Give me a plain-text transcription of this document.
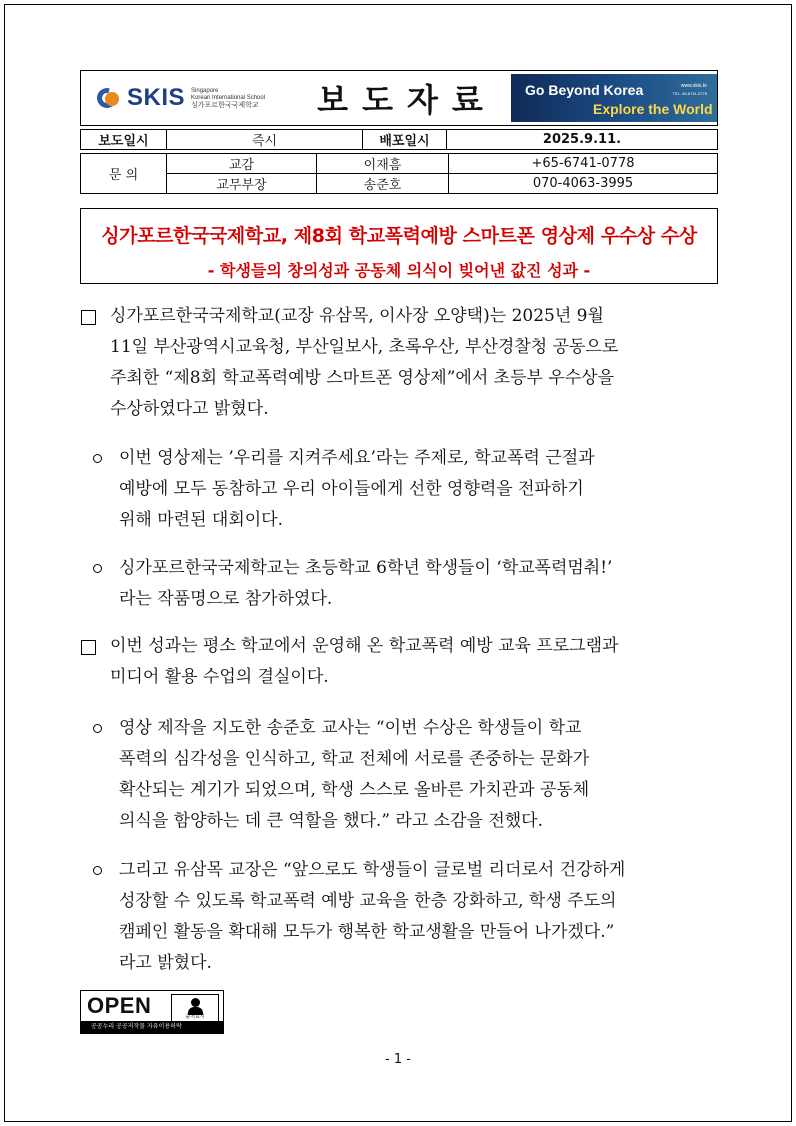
SKIS Singapore
Korean International School
싱가포르한국국제학교	보도자료 Go Beyond Korea
Explore the World
www.skis.kr
TEL. 65-6741-0778
보도일시	즉시	배포일시	2025.9.11.
문 의	교감	이재흠	+65-6741-0778
	교무부장	송준호	070-4063-3995
싱가포르한국국제학교, 제8회 학교폭력예방 스마트폰 영상제 우수상 수상
- 학생들의 창의성과 공동체 의식이 빚어낸 값진 성과 -
싱가포르한국국제학교(교장 유삼목, 이사장 오양택)는 2025년 9월
11일 부산광역시교육청, 부산일보사, 초록우산, 부산경찰청 공동으로
주최한 “제8회 학교폭력예방 스마트폰 영상제”에서 초등부 우수상을
수상하였다고 밝혔다.
이번 영상제는 ’우리를 지켜주세요’라는 주제로, 학교폭력 근절과
예방에 모두 동참하고 우리 아이들에게 선한 영향력을 전파하기
위해 마련된 대회이다.
싱가포르한국국제학교는 초등학교 6학년 학생들이 ‘학교폭력멈춰!’
라는 작품명으로 참가하였다.
이번 성과는 평소 학교에서 운영해 온 학교폭력 예방 교육 프로그램과
미디어 활용 수업의 결실이다.
영상 제작을 지도한 송준호 교사는 “이번 수상은 학생들이 학교
폭력의 심각성을 인식하고, 학교 전체에 서로를 존중하는 문화가
확산되는 계기가 되었으며, 학생 스스로 올바른 가치관과 공동체
의식을 함양하는 데 큰 역할을 했다.” 라고 소감을 전했다.
그리고 유삼목 교장은 “앞으로도 학생들이 글로벌 리더로서 건강하게
성장할 수 있도록 학교폭력 예방 교육을 한층 강화하고, 학생 주도의
캠페인 활동을 확대해 모두가 행복한 학교생활을 만들어 나가겠다.”
라고 밝혔다.
OPEN	출처표시
공공누리 공공저작물 자유이용허락
- 1 -
